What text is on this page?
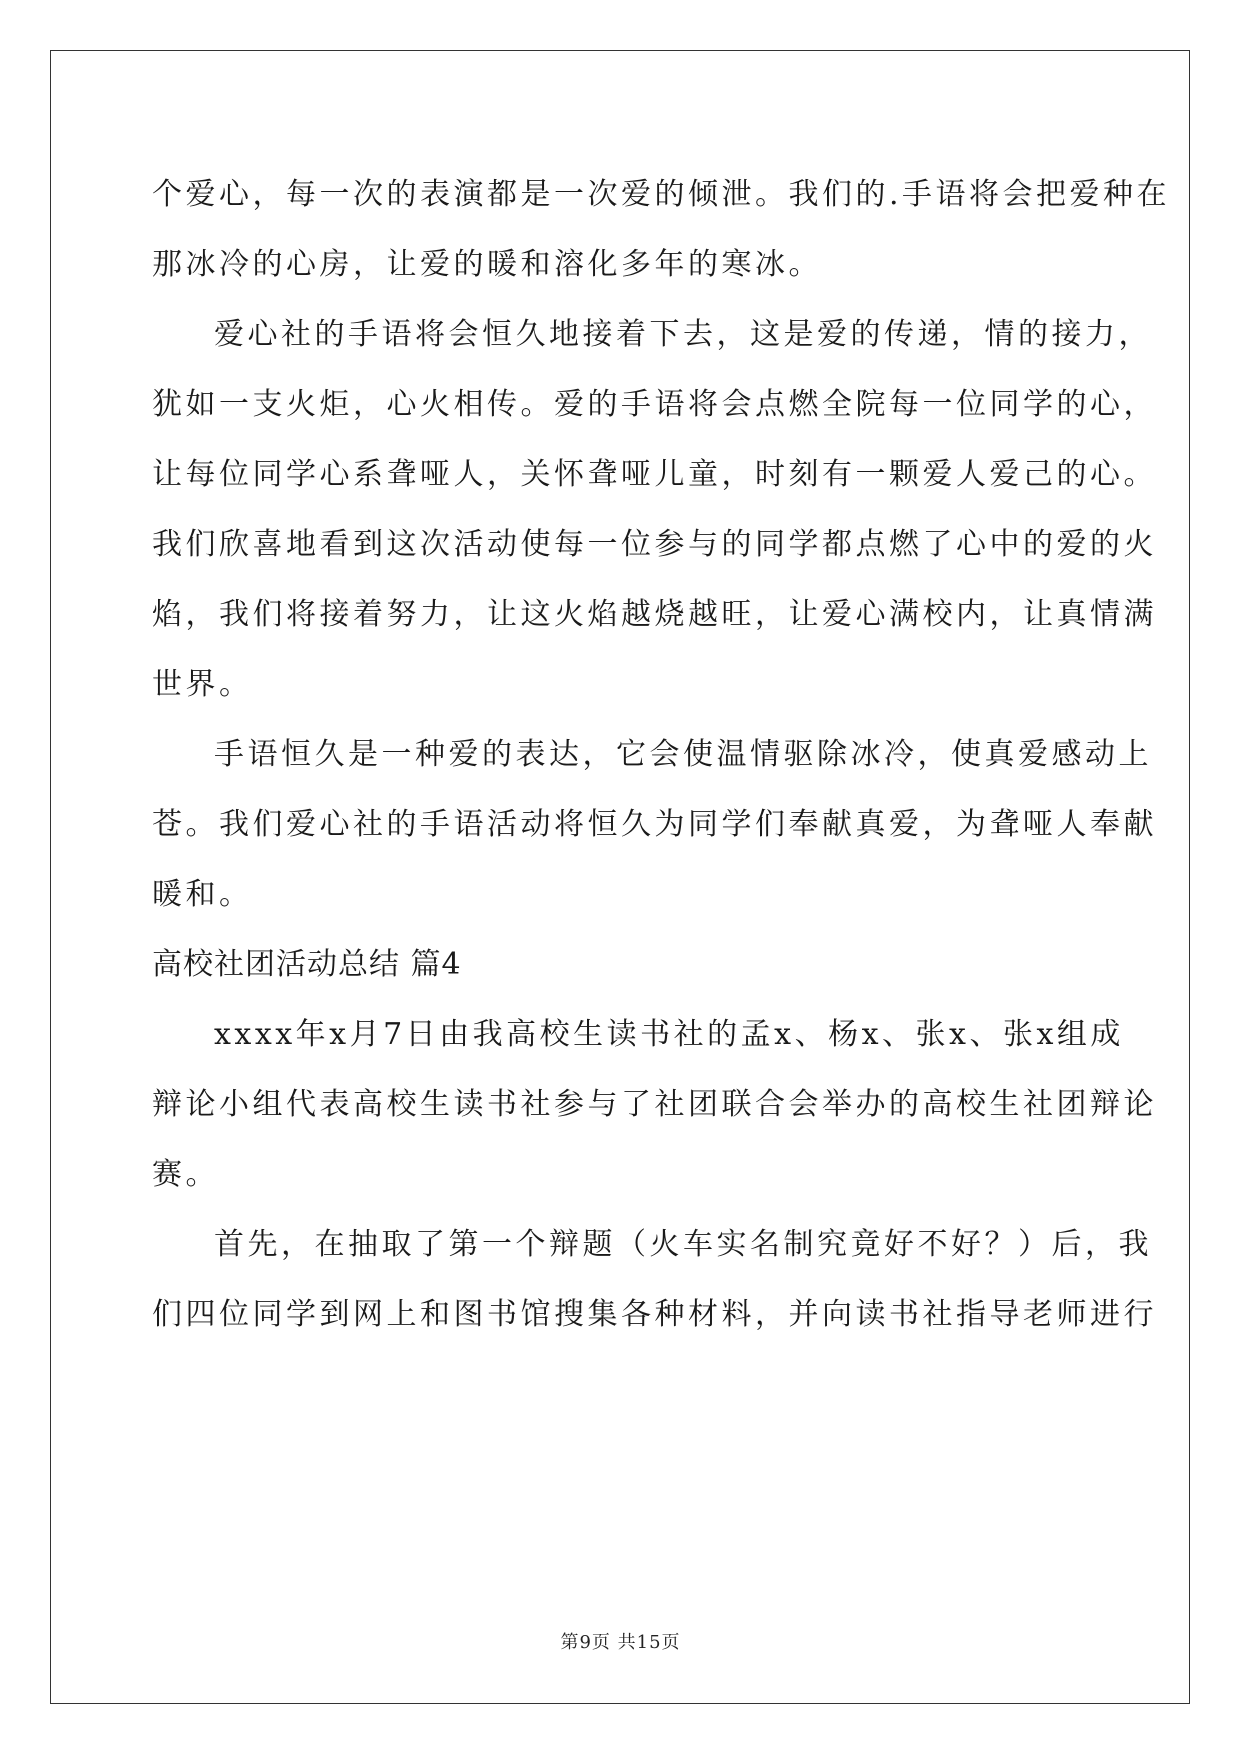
个爱心，每一次的表演都是一次爱的倾泄。我们的.手语将会把爱种在
那冰冷的心房，让爱的暖和溶化多年的寒冰。
爱心社的手语将会恒久地接着下去，这是爱的传递，情的接力，
犹如一支火炬，心火相传。爱的手语将会点燃全院每一位同学的心，
让每位同学心系聋哑人，关怀聋哑儿童，时刻有一颗爱人爱己的心。
我们欣喜地看到这次活动使每一位参与的同学都点燃了心中的爱的火
焰，我们将接着努力，让这火焰越烧越旺，让爱心满校内，让真情满
世界。
手语恒久是一种爱的表达，它会使温情驱除冰冷，使真爱感动上
苍。我们爱心社的手语活动将恒久为同学们奉献真爱，为聋哑人奉献
暖和。
高校社团活动总结 篇4
xxxx年x月7日由我高校生读书社的孟x、杨x、张x、张x组成
辩论小组代表高校生读书社参与了社团联合会举办的高校生社团辩论
赛。
首先，在抽取了第一个辩题（火车实名制究竟好不好？）后，我
们四位同学到网上和图书馆搜集各种材料，并向读书社指导老师进行
第9页 共15页
